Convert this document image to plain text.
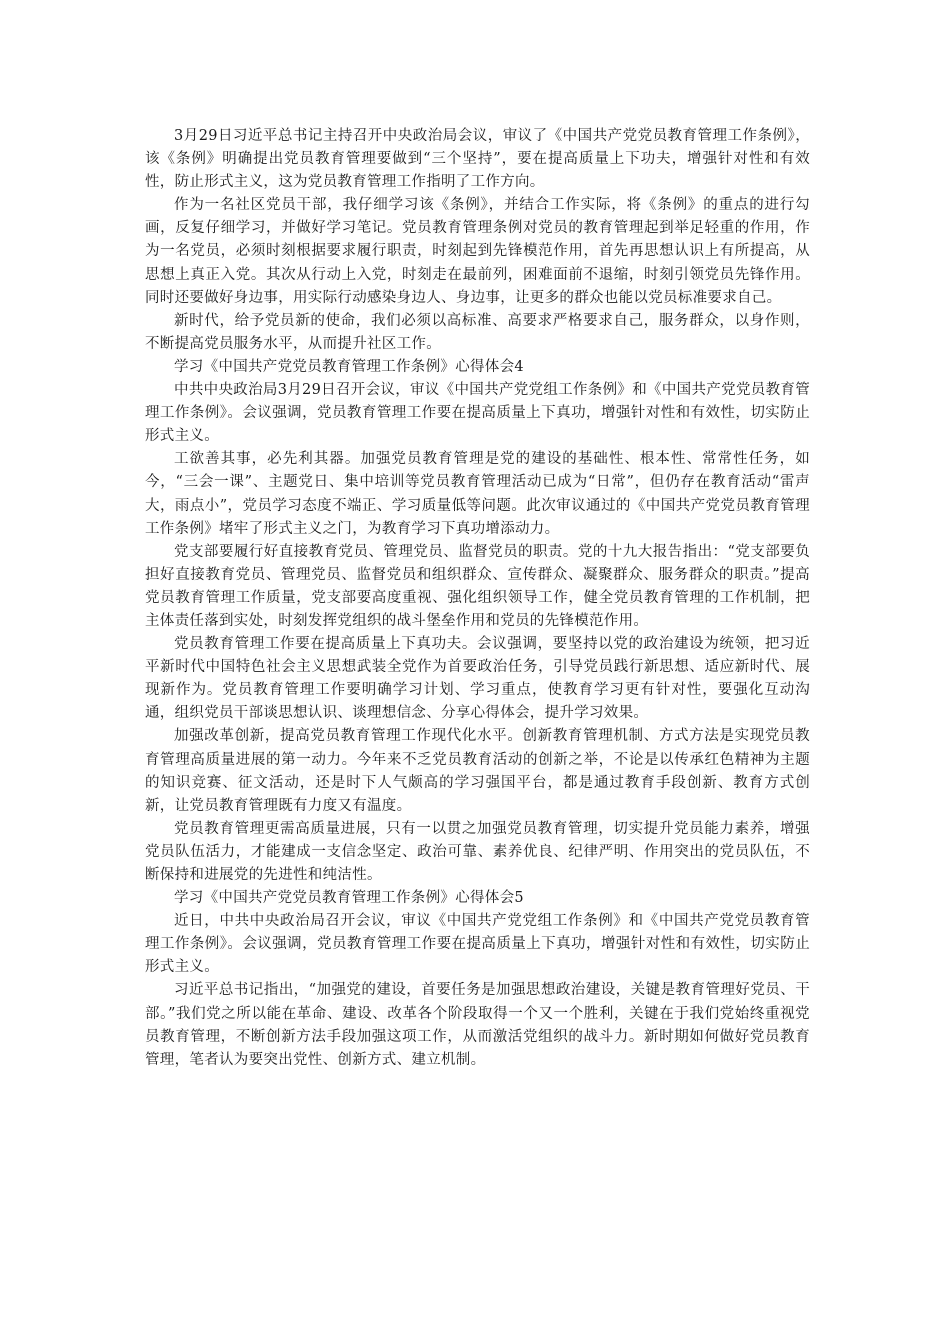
3月29日习近平总书记主持召开中央政治局会议，审议了《中国共产党党员教育管理工作条例》，该《条例》明确提出党员教育管理要做到“三个坚持”，要在提高质量上下功夫，增强针对性和有效性，防止形式主义，这为党员教育管理工作指明了工作方向。

作为一名社区党员干部，我仔细学习该《条例》，并结合工作实际，将《条例》的重点的进行勾画，反复仔细学习，并做好学习笔记。党员教育管理条例对党员的教育管理起到举足轻重的作用，作为一名党员，必须时刻根据要求履行职责，时刻起到先锋模范作用，首先再思想认识上有所提高，从思想上真正入党。其次从行动上入党，时刻走在最前列，困难面前不退缩，时刻引领党员先锋作用。同时还要做好身边事，用实际行动感染身边人、身边事，让更多的群众也能以党员标准要求自己。

新时代，给予党员新的使命，我们必须以高标准、高要求严格要求自己，服务群众，以身作则，不断提高党员服务水平，从而提升社区工作。

学习《中国共产党党员教育管理工作条例》心得体会4

中共中央政治局3月29日召开会议，审议《中国共产党党组工作条例》和《中国共产党党员教育管理工作条例》。会议强调，党员教育管理工作要在提高质量上下真功，增强针对性和有效性，切实防止形式主义。

工欲善其事，必先利其器。加强党员教育管理是党的建设的基础性、根本性、常常性任务，如今，“三会一课”、主题党日、集中培训等党员教育管理活动已成为“日常”，但仍存在教育活动“雷声大，雨点小”，党员学习态度不端正、学习质量低等问题。此次审议通过的《中国共产党党员教育管理工作条例》堵牢了形式主义之门，为教育学习下真功增添动力。

党支部要履行好直接教育党员、管理党员、监督党员的职责。党的十九大报告指出：“党支部要负担好直接教育党员、管理党员、监督党员和组织群众、宣传群众、凝聚群众、服务群众的职责。”提高党员教育管理工作质量，党支部要高度重视、强化组织领导工作，健全党员教育管理的工作机制，把主体责任落到实处，时刻发挥党组织的战斗堡垒作用和党员的先锋模范作用。

党员教育管理工作要在提高质量上下真功夫。会议强调，要坚持以党的政治建设为统领，把习近平新时代中国特色社会主义思想武装全党作为首要政治任务，引导党员践行新思想、适应新时代、展现新作为。党员教育管理工作要明确学习计划、学习重点，使教育学习更有针对性，要强化互动沟通，组织党员干部谈思想认识、谈理想信念、分享心得体会，提升学习效果。

加强改革创新，提高党员教育管理工作现代化水平。创新教育管理机制、方式方法是实现党员教育管理高质量进展的第一动力。今年来不乏党员教育活动的创新之举，不论是以传承红色精神为主题的知识竞赛、征文活动，还是时下人气颇高的学习强国平台，都是通过教育手段创新、教育方式创新，让党员教育管理既有力度又有温度。

党员教育管理更需高质量进展，只有一以贯之加强党员教育管理，切实提升党员能力素养，增强党员队伍活力，才能建成一支信念坚定、政治可靠、素养优良、纪律严明、作用突出的党员队伍，不断保持和进展党的先进性和纯洁性。

学习《中国共产党党员教育管理工作条例》心得体会5

近日，中共中央政治局召开会议，审议《中国共产党党组工作条例》和《中国共产党党员教育管理工作条例》。会议强调，党员教育管理工作要在提高质量上下真功，增强针对性和有效性，切实防止形式主义。

习近平总书记指出，“加强党的建设，首要任务是加强思想政治建设，关键是教育管理好党员、干部。”我们党之所以能在革命、建设、改革各个阶段取得一个又一个胜利，关键在于我们党始终重视党员教育管理，不断创新方法手段加强这项工作，从而激活党组织的战斗力。新时期如何做好党员教育管理，笔者认为要突出党性、创新方式、建立机制。
